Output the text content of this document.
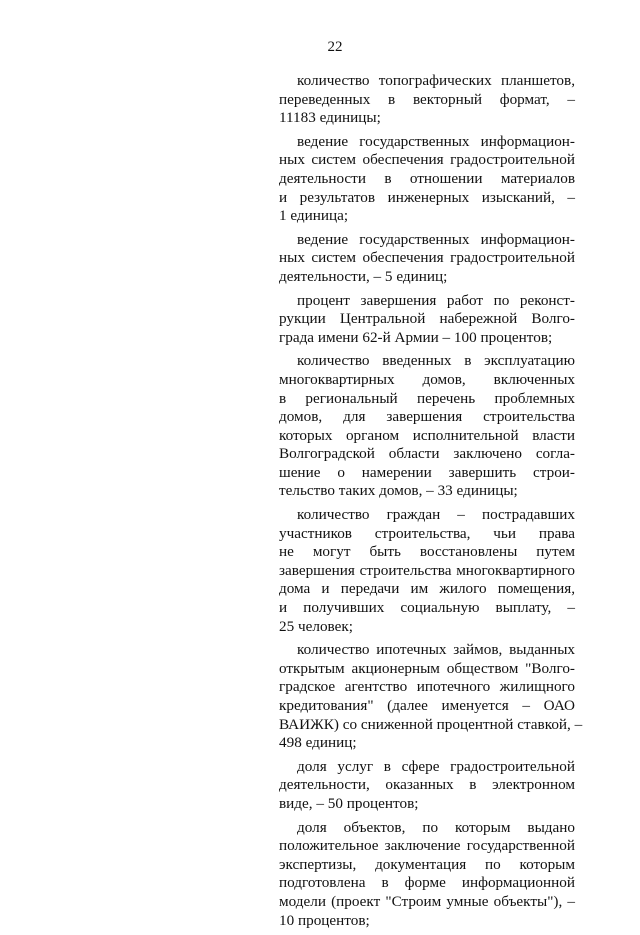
22
количество топографических планшетов,
переведенных в векторный формат, –
11183 единицы;
ведение государственных информацион-
ных систем обеспечения градостроительной
деятельности в отношении материалов
и результатов инженерных изысканий, –
1 единица;
ведение государственных информацион-
ных систем обеспечения градостроительной
деятельности, – 5 единиц;
процент завершения работ по реконст-
рукции Центральной набережной Волго-
града имени 62-й Армии – 100 процентов;
количество введенных в эксплуатацию
многоквартирных домов, включенных
в региональный перечень проблемных
домов, для завершения строительства
которых органом исполнительной власти
Волгоградской области заключено согла-
шение о намерении завершить строи-
тельство таких домов, – 33 единицы;
количество граждан – пострадавших
участников строительства, чьи права
не могут быть восстановлены путем
завершения строительства многоквартирного
дома и передачи им жилого помещения,
и получивших социальную выплату, –
25 человек;
количество ипотечных займов, выданных
открытым акционерным обществом "Волго-
градское агентство ипотечного жилищного
кредитования" (далее именуется – ОАО
ВАИЖК) со сниженной процентной ставкой, –
498 единиц;
доля услуг в сфере градостроительной
деятельности, оказанных в электронном
виде, – 50 процентов;
доля объектов, по которым выдано
положительное заключение государственной
экспертизы, документация по которым
подготовлена в форме информационной
модели (проект "Строим умные объекты"), –
10 процентов;
